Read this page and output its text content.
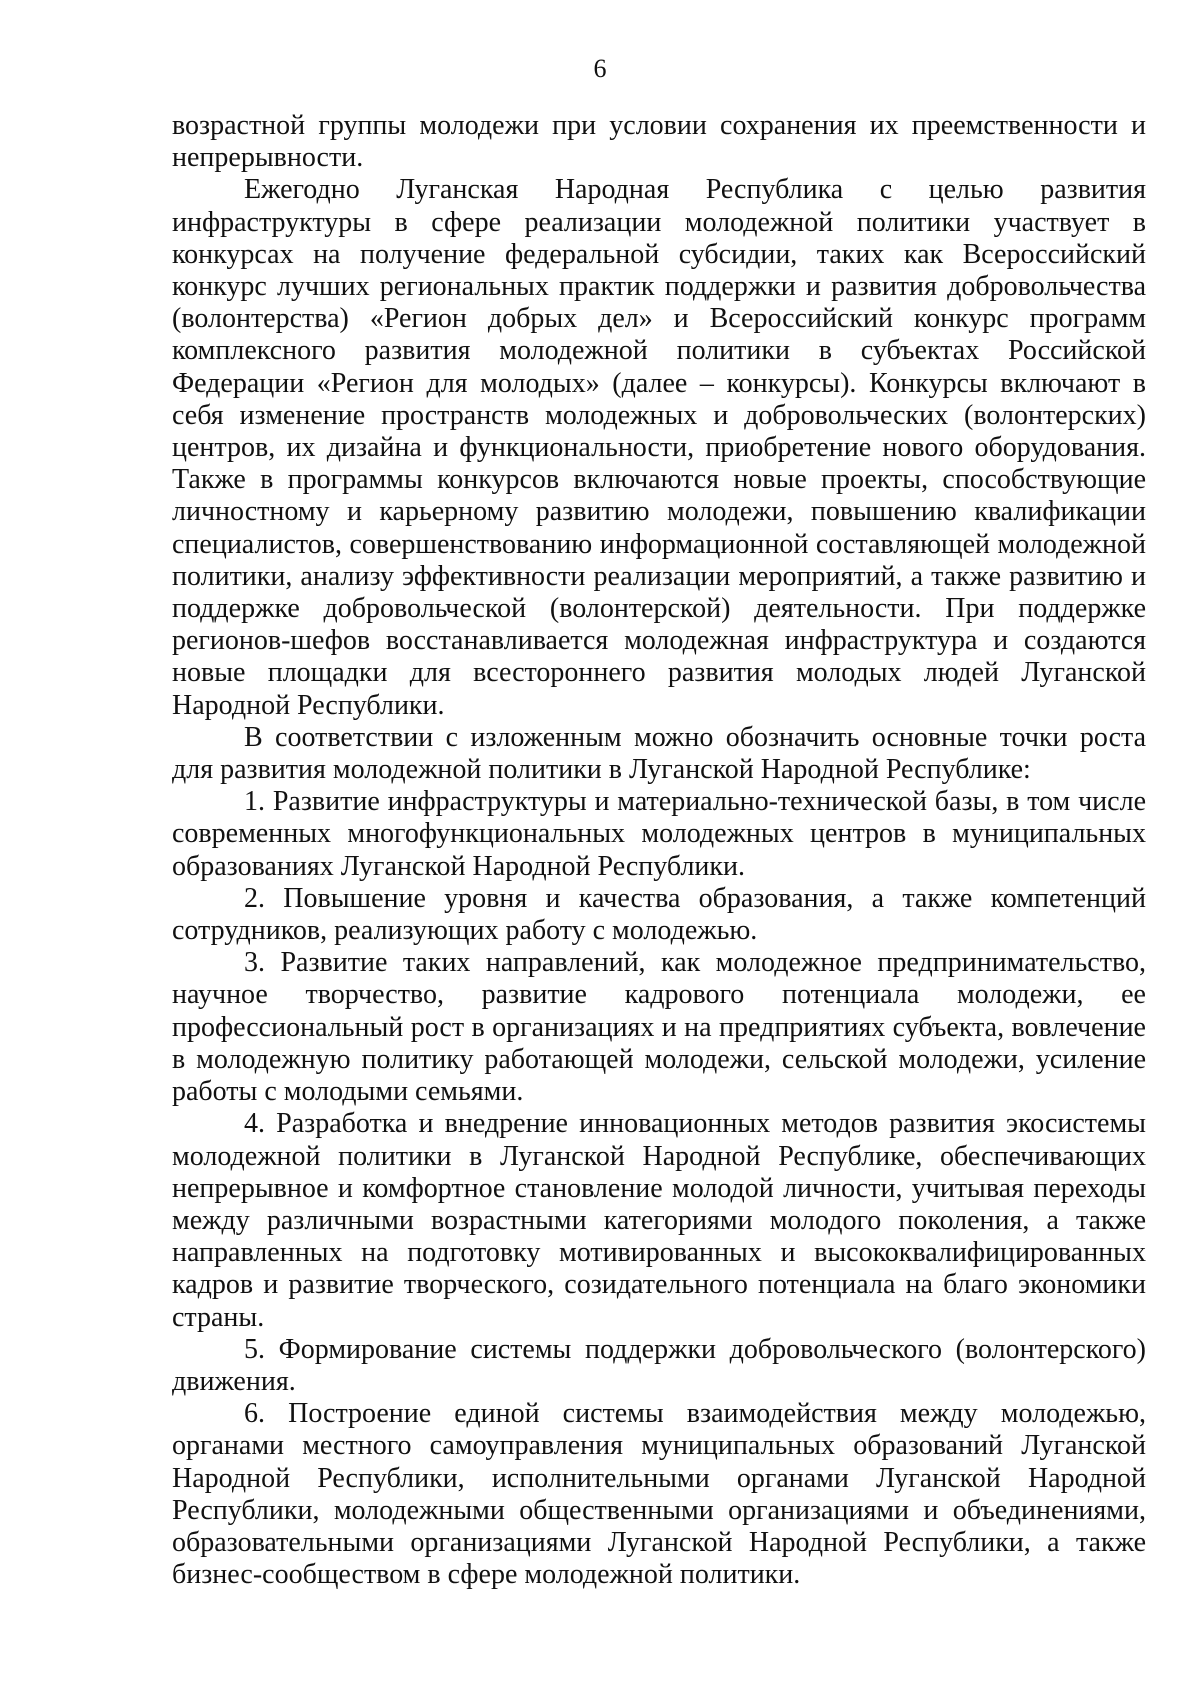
6

возрастной группы молодежи при условии сохранения их преемственности и непрерывности.

Ежегодно Луганская Народная Республика с целью развития инфраструктуры в сфере реализации молодежной политики участвует в конкурсах на получение федеральной субсидии, таких как Всероссийский конкурс лучших региональных практик поддержки и развития добровольчества (волонтерства) «Регион добрых дел» и Всероссийский конкурс программ комплексного развития молодежной политики в субъектах Российской Федерации «Регион для молодых» (далее – конкурсы). Конкурсы включают в себя изменение пространств молодежных и добровольческих (волонтерских) центров, их дизайна и функциональности, приобретение нового оборудования. Также в программы конкурсов включаются новые проекты, способствующие личностному и карьерному развитию молодежи, повышению квалификации специалистов, совершенствованию информационной составляющей молодежной политики, анализу эффективности реализации мероприятий, а также развитию и поддержке добровольческой (волонтерской) деятельности. При поддержке регионов-шефов восстанавливается молодежная инфраструктура и создаются новые площадки для всестороннего развития молодых людей Луганской Народной Республики.

В соответствии с изложенным можно обозначить основные точки роста для развития молодежной политики в Луганской Народной Республике:

1. Развитие инфраструктуры и материально-технической базы, в том числе современных многофункциональных молодежных центров в муниципальных образованиях Луганской Народной Республики.

2. Повышение уровня и качества образования, а также компетенций сотрудников, реализующих работу с молодежью.

3. Развитие таких направлений, как молодежное предпринимательство, научное творчество, развитие кадрового потенциала молодежи, ее профессиональный рост в организациях и на предприятиях субъекта, вовлечение в молодежную политику работающей молодежи, сельской молодежи, усиление работы с молодыми семьями.

4. Разработка и внедрение инновационных методов развития экосистемы молодежной политики в Луганской Народной Республике, обеспечивающих непрерывное и комфортное становление молодой личности, учитывая переходы между различными возрастными категориями молодого поколения, а также направленных на подготовку мотивированных и высококвалифицированных кадров и развитие творческого, созидательного потенциала на благо экономики страны.

5. Формирование системы поддержки добровольческого (волонтерского) движения.

6. Построение единой системы взаимодействия между молодежью, органами местного самоуправления муниципальных образований Луганской Народной Республики, исполнительными органами Луганской Народной Республики, молодежными общественными организациями и объединениями, образовательными организациями Луганской Народной Республики, а также бизнес-сообществом в сфере молодежной политики.
